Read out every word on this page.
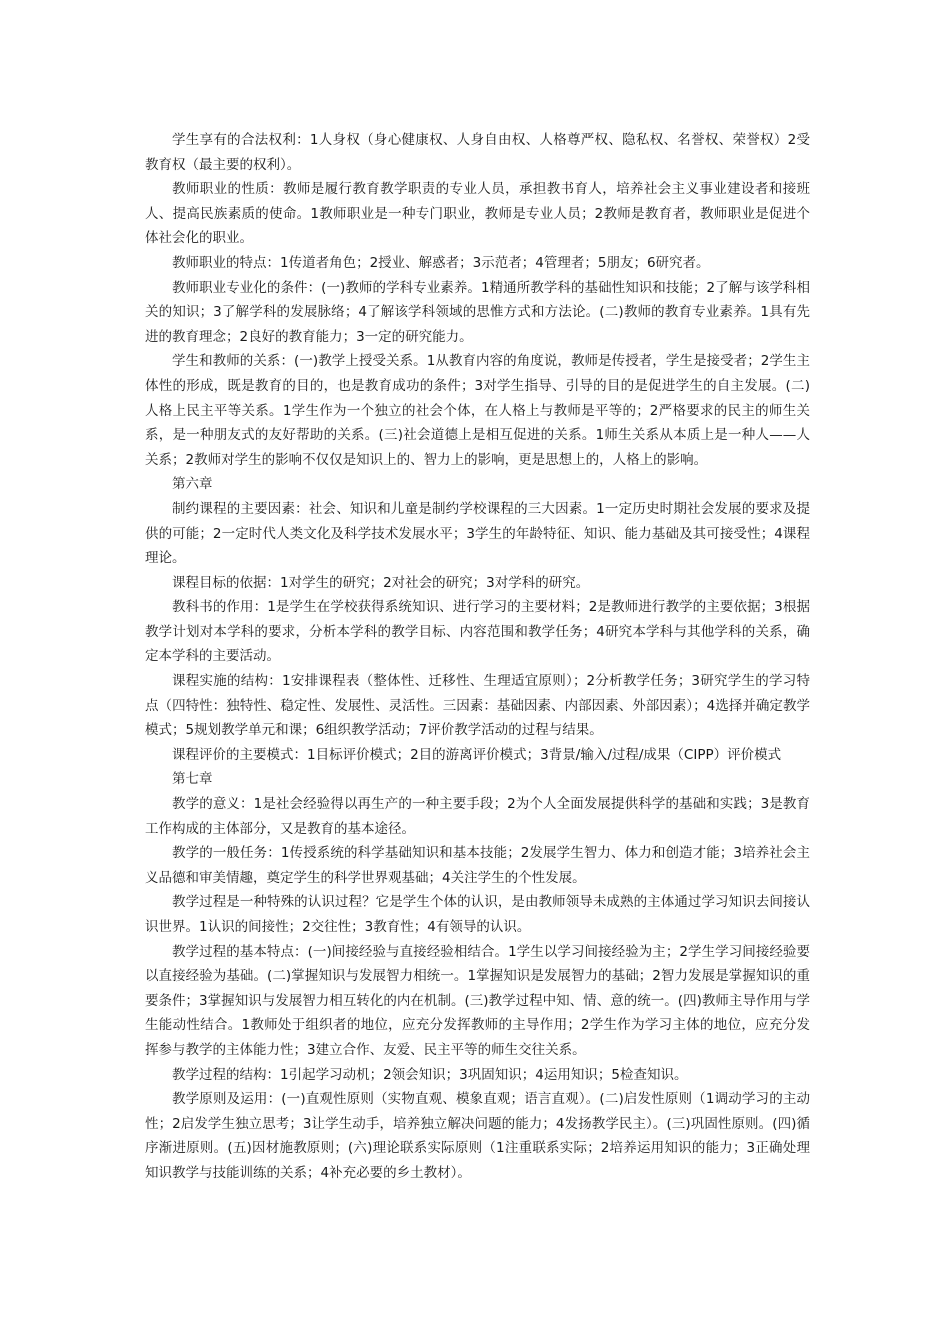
学生享有的合法权利：1人身权（身心健康权、人身自由权、人格尊严权、隐私权、名誉权、荣誉权）2受教育权（最主要的权利）。

教师职业的性质：教师是履行教育教学职责的专业人员，承担教书育人，培养社会主义事业建设者和接班人、提高民族素质的使命。1教师职业是一种专门职业，教师是专业人员；2教师是教育者，教师职业是促进个体社会化的职业。

教师职业的特点：1传道者角色；2授业、解惑者；3示范者；4管理者；5朋友；6研究者。

教师职业专业化的条件：(一)教师的学科专业素养。1精通所教学科的基础性知识和技能；2了解与该学科相关的知识；3了解学科的发展脉络；4了解该学科领域的思惟方式和方法论。(二)教师的教育专业素养。1具有先进的教育理念；2良好的教育能力；3一定的研究能力。

学生和教师的关系：(一)教学上授受关系。1从教育内容的角度说，教师是传授者，学生是接受者；2学生主体性的形成，既是教育的目的，也是教育成功的条件；3对学生指导、引导的目的是促进学生的自主发展。(二)人格上民主平等关系。1学生作为一个独立的社会个体，在人格上与教师是平等的；2严格要求的民主的师生关系，是一种朋友式的友好帮助的关系。(三)社会道德上是相互促进的关系。1师生关系从本质上是一种人——人关系；2教师对学生的影响不仅仅是知识上的、智力上的影响，更是思想上的，人格上的影响。

第六章

制约课程的主要因素：社会、知识和儿童是制约学校课程的三大因素。1一定历史时期社会发展的要求及提供的可能；2一定时代人类文化及科学技术发展水平；3学生的年龄特征、知识、能力基础及其可接受性；4课程理论。

课程目标的依据：1对学生的研究；2对社会的研究；3对学科的研究。

教科书的作用：1是学生在学校获得系统知识、进行学习的主要材料；2是教师进行教学的主要依据；3根据教学计划对本学科的要求，分析本学科的教学目标、内容范围和教学任务；4研究本学科与其他学科的关系，确定本学科的主要活动。

课程实施的结构：1安排课程表（整体性、迁移性、生理适宜原则）；2分析教学任务；3研究学生的学习特点（四特性：独特性、稳定性、发展性、灵活性。三因素：基础因素、内部因素、外部因素）；4选择并确定教学模式；5规划教学单元和课；6组织教学活动；7评价教学活动的过程与结果。

课程评价的主要模式：1目标评价模式；2目的游离评价模式；3背景/输入/过程/成果（CIPP）评价模式

第七章

教学的意义：1是社会经验得以再生产的一种主要手段；2为个人全面发展提供科学的基础和实践；3是教育工作构成的主体部分，又是教育的基本途径。

教学的一般任务：1传授系统的科学基础知识和基本技能；2发展学生智力、体力和创造才能；3培养社会主义品德和审美情趣，奠定学生的科学世界观基础；4关注学生的个性发展。

教学过程是一种特殊的认识过程？它是学生个体的认识，是由教师领导未成熟的主体通过学习知识去间接认识世界。1认识的间接性；2交往性；3教育性；4有领导的认识。

教学过程的基本特点：(一)间接经验与直接经验相结合。1学生以学习间接经验为主；2学生学习间接经验要以直接经验为基础。(二)掌握知识与发展智力相统一。1掌握知识是发展智力的基础；2智力发展是掌握知识的重要条件；3掌握知识与发展智力相互转化的内在机制。(三)教学过程中知、情、意的统一。(四)教师主导作用与学生能动性结合。1教师处于组织者的地位，应充分发挥教师的主导作用；2学生作为学习主体的地位，应充分发挥参与教学的主体能力性；3建立合作、友爱、民主平等的师生交往关系。

教学过程的结构：1引起学习动机；2领会知识；3巩固知识；4运用知识；5检查知识。

教学原则及运用：(一)直观性原则（实物直观、模象直观；语言直观）。(二)启发性原则（1调动学习的主动性；2启发学生独立思考；3让学生动手，培养独立解决问题的能力；4发扬教学民主）。(三)巩固性原则。(四)循序渐进原则。(五)因材施教原则；(六)理论联系实际原则（1注重联系实际；2培养运用知识的能力；3正确处理知识教学与技能训练的关系；4补充必要的乡土教材）。
